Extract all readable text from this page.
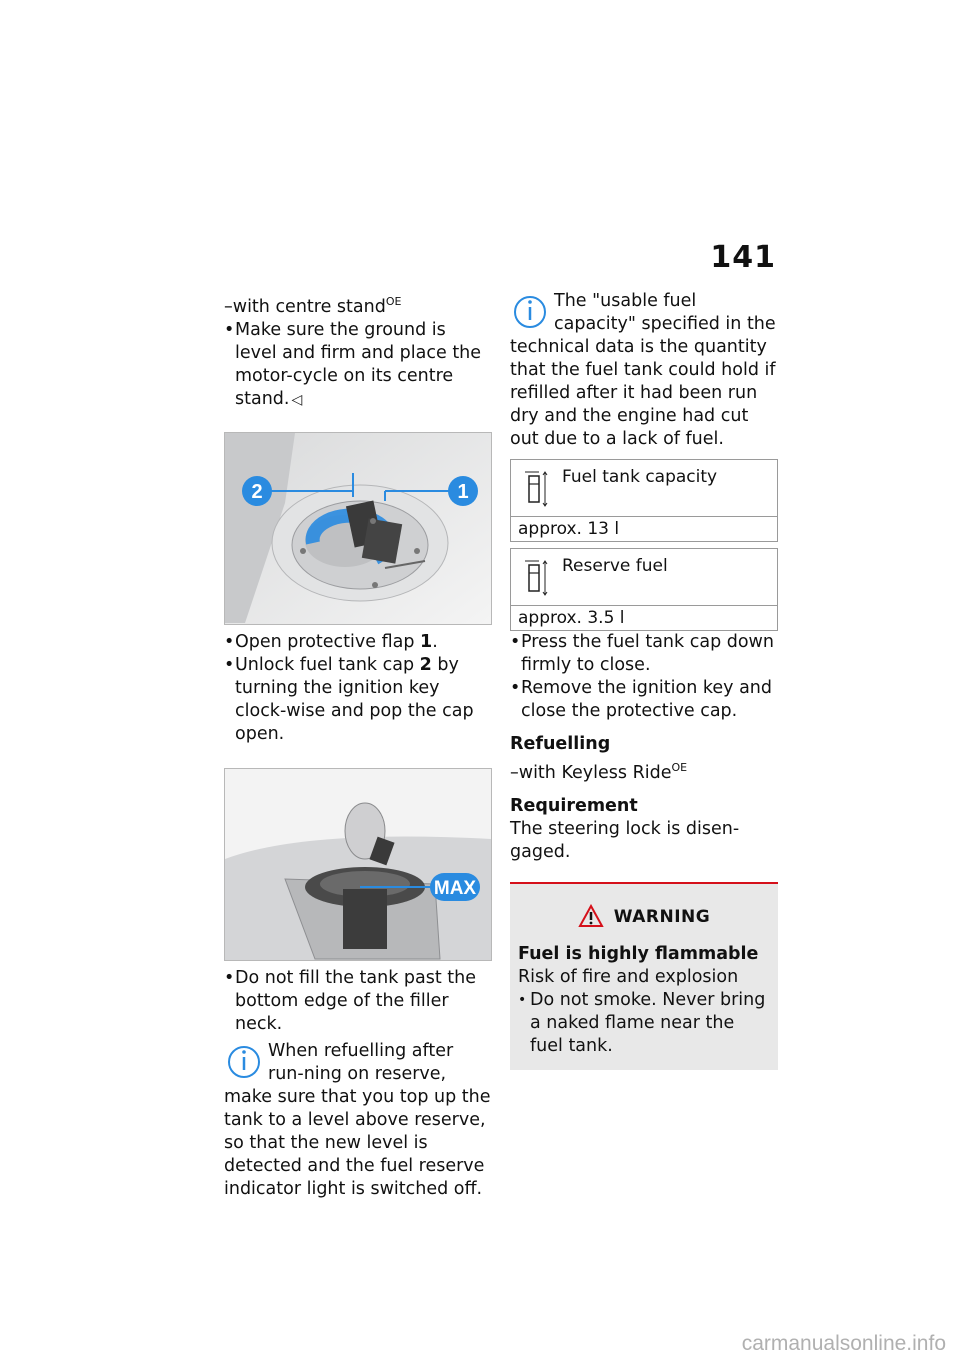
141

–with centre stand$^{OE}$

• Make sure the ground is level and firm and place the motor-cycle on its centre stand. ◁

2	1

• Open protective flap 1.

• Unlock fuel tank cap 2 by turning the ignition key clock-wise and pop the cap open.

MAX

• Do not fill the tank past the bottom edge of the filler neck.

When refuelling after run-ning on reserve, make sure that you top up the tank to a level above reserve, so that the new level is detected and the fuel reserve indicator light is switched off.

The "usable fuel capacity" specified in the technical data is the quantity that the fuel tank could hold if refilled after it had been run dry and the engine had cut out due to a lack of fuel.

Fuel tank capacity

approx. 13 l

Reserve fuel

approx. 3.5 l

• Press the fuel tank cap down firmly to close.

• Remove the ignition key and close the protective cap.

Refuelling

–with Keyless Ride$^{OE}$

Requirement

The steering lock is disen-gaged.

WARNING

Fuel is highly flammable

Risk of fire and explosion

• Do not smoke. Never bring a naked flame near the fuel tank.

carmanualsonline.info
